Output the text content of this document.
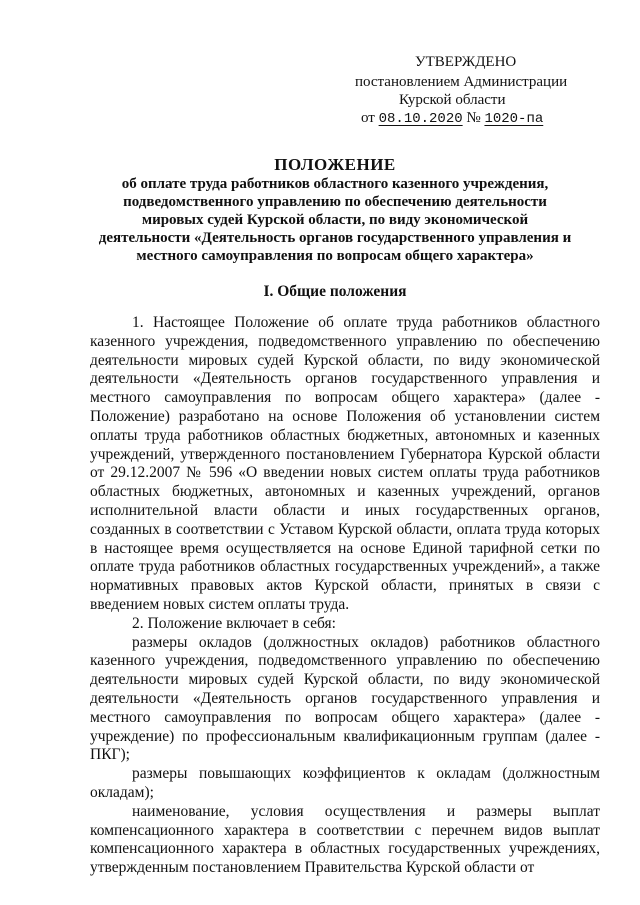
УТВЕРЖДЕНО
постановлением Администрации
Курской области
от 08.10.2020 № 1020-па
ПОЛОЖЕНИЕ
об оплате труда работников областного казенного учреждения,
подведомственного управлению по обеспечению деятельности
мировых судей Курской области, по виду экономической
деятельности «Деятельность органов государственного управления и
местного самоуправления по вопросам общего характера»
I. Общие положения

1. Настоящее Положение об оплате труда работников областного казенного учреждения, подведомственного управлению по обеспечению деятельности мировых судей Курской области, по виду экономической деятельности «Деятельность органов государственного управления и местного самоуправления по вопросам общего характера» (далее - Положение) разработано на основе Положения об установлении систем оплаты труда работников областных бюджетных, автономных и казенных учреждений, утвержденного постановлением Губернатора Курской области от 29.12.2007 № 596 «О введении новых систем оплаты труда работников областных бюджетных, автономных и казенных учреждений, органов исполнительной власти области и иных государственных органов, созданных в соответствии с Уставом Курской области, оплата труда которых в настоящее время осуществляется на основе Единой тарифной сетки по оплате труда работников областных государственных учреждений», а также нормативных правовых актов Курской области, принятых в связи с введением новых систем оплаты труда.

2. Положение включает в себя:

размеры окладов (должностных окладов) работников областного казенного учреждения, подведомственного управлению по обеспечению деятельности мировых судей Курской области, по виду экономической деятельности «Деятельность органов государственного управления и местного самоуправления по вопросам общего характера» (далее - учреждение) по профессиональным квалификационным группам (далее - ПКГ);

размеры повышающих коэффициентов к окладам (должностным окладам);

наименование, условия осуществления и размеры выплат компенсационного характера в соответствии с перечнем видов выплат компенсационного характера в областных государственных учреждениях, утвержденным постановлением Правительства Курской области от
